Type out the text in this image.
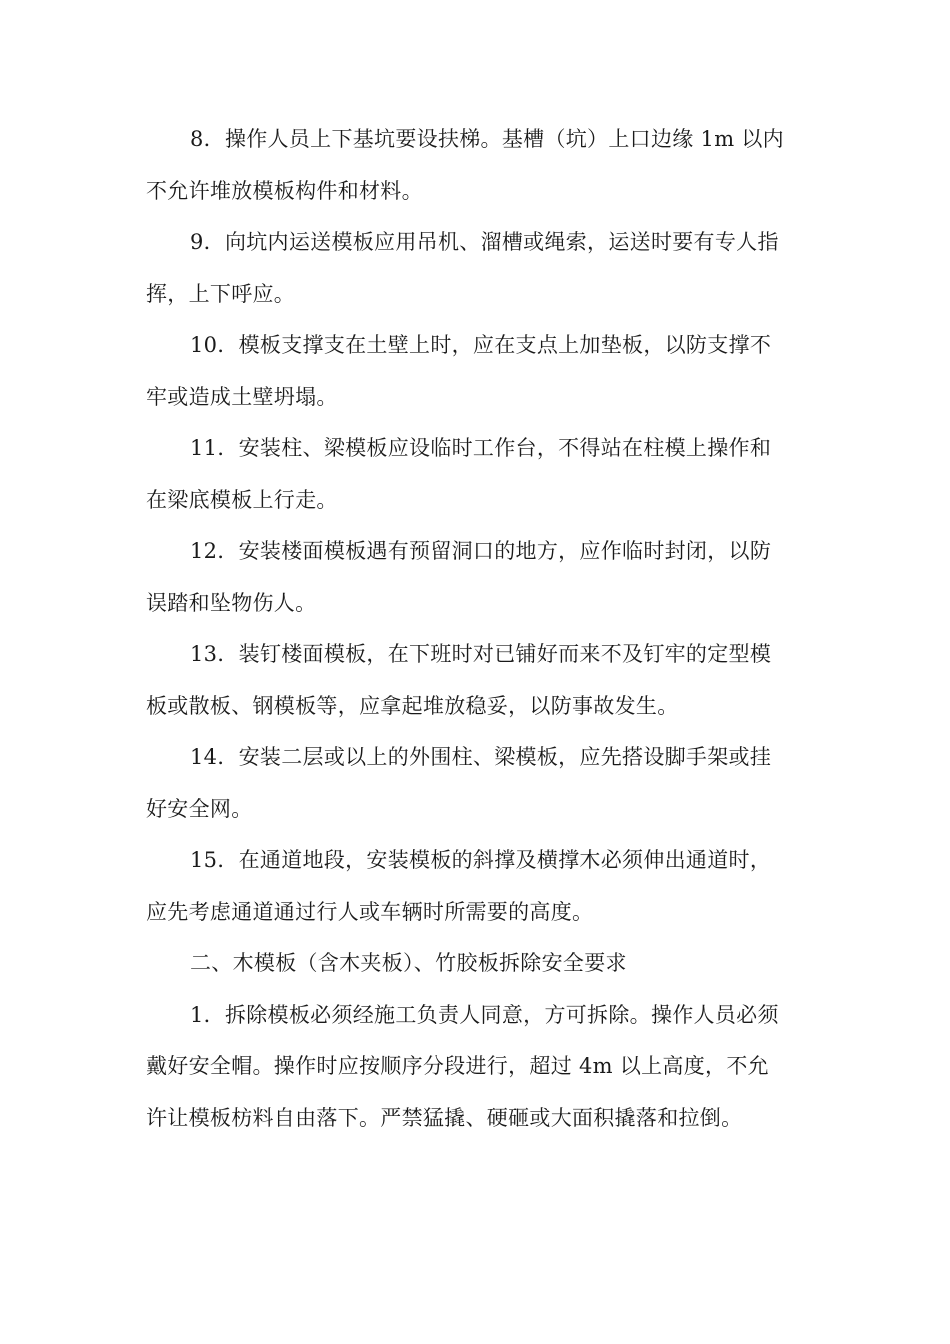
8．操作人员上下基坑要设扶梯。基槽（坑）上口边缘 1m 以内
不允许堆放模板构件和材料。

9．向坑内运送模板应用吊机、溜槽或绳索，运送时要有专人指
挥，上下呼应。

10．模板支撑支在土壁上时，应在支点上加垫板，以防支撑不
牢或造成土壁坍塌。

11．安装柱、梁模板应设临时工作台，不得站在柱模上操作和
在梁底模板上行走。

12．安装楼面模板遇有预留洞口的地方，应作临时封闭，以防
误踏和坠物伤人。

13．装钉楼面模板，在下班时对已铺好而来不及钉牢的定型模
板或散板、钢模板等，应拿起堆放稳妥，以防事故发生。

14．安装二层或以上的外围柱、梁模板，应先搭设脚手架或挂
好安全网。

15．在通道地段，安装模板的斜撑及横撑木必须伸出通道时，
应先考虑通道通过行人或车辆时所需要的高度。

二、木模板（含木夹板）、竹胶板拆除安全要求

1．拆除模板必须经施工负责人同意，方可拆除。操作人员必须
戴好安全帽。操作时应按顺序分段进行，超过 4m 以上高度，不允
许让模板枋料自由落下。严禁猛撬、硬砸或大面积撬落和拉倒。
